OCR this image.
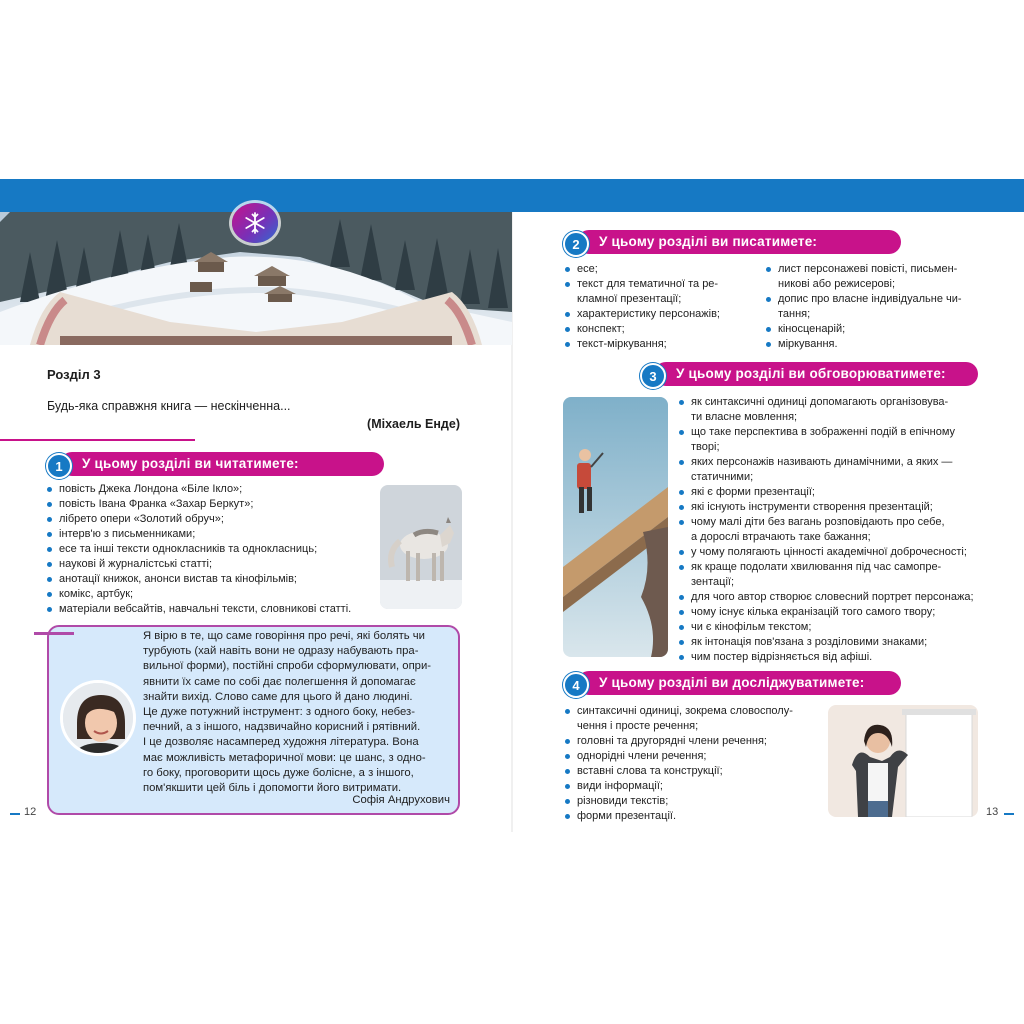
Розділ 3
Будь-яка справжня книга — нескінченна...
(Міхаель Енде)
1	У цьому розділі ви читатимете:
повість Джека Лондона «Біле Ікло»;
повість Івана Франка «Захар Беркут»;
лібрето опери «Золотий обруч»;
інтерв'ю з письменниками;
есе та інші тексти однокласників та однокласниць;
наукові й журналістські статті;
анотації книжок, анонси вистав та кінофільмів;
комікс, артбук;
матеріали вебсайтів, навчальні тексти, словникові статті.
Я вірю в те, що саме говоріння про речі, які болять чи
турбують (хай навіть вони не одразу набувають пра-
вильної форми), постійні спроби сформулювати, опри-
явнити їх саме по собі дає полегшення й допомагає
знайти вихід. Слово саме для цього й дано людині.
Це дуже потужний інструмент: з одного боку, небез-
печний, а з іншого, надзвичайно корисний і рятівний.
І це дозволяє насамперед художня література. Вона
має можливість метафоричної мови: це шанс, з одно-
го боку, проговорити щось дуже болісне, а з іншого,
пом'якшити цей біль і допомогти його витримати.
Софія Андрухович
12
2	У цьому розділі ви писатимете:
есе;
текст для тематичної та ре-
кламної презентації;
характеристику персонажів;
конспект;
текст-міркування;
лист персонажеві повісті, письмен-
никові або режисерові;
допис про власне індивідуальне чи-
тання;
кіносценарій;
міркування.
3	У цьому розділі ви обговорюватимете:
як синтаксичні одиниці допомагають організовува-
ти власне мовлення;
що таке перспектива в зображенні подій в епічному
творі;
яких персонажів називають динамічними, а яких —
статичними;
які є форми презентації;
які існують інструменти створення презентацій;
чому малі діти без вагань розповідають про себе,
а дорослі втрачають таке бажання;
у чому полягають цінності академічної доброчесності;
як краще подолати хвилювання під час самопре-
зентації;
для чого автор створює словесний портрет персонажа;
чому існує кілька екранізацій того самого твору;
чи є кінофільм текстом;
як інтонація пов'язана з розділовими знаками;
чим постер відрізняється від афіші.
4	У цьому розділі ви досліджуватимете:
синтаксичні одиниці, зокрема словосполу-
чення і просте речення;
головні та другорядні члени речення;
однорідні члени речення;
вставні слова та конструкції;
види інформації;
різновиди текстів;
форми презентації.	13
